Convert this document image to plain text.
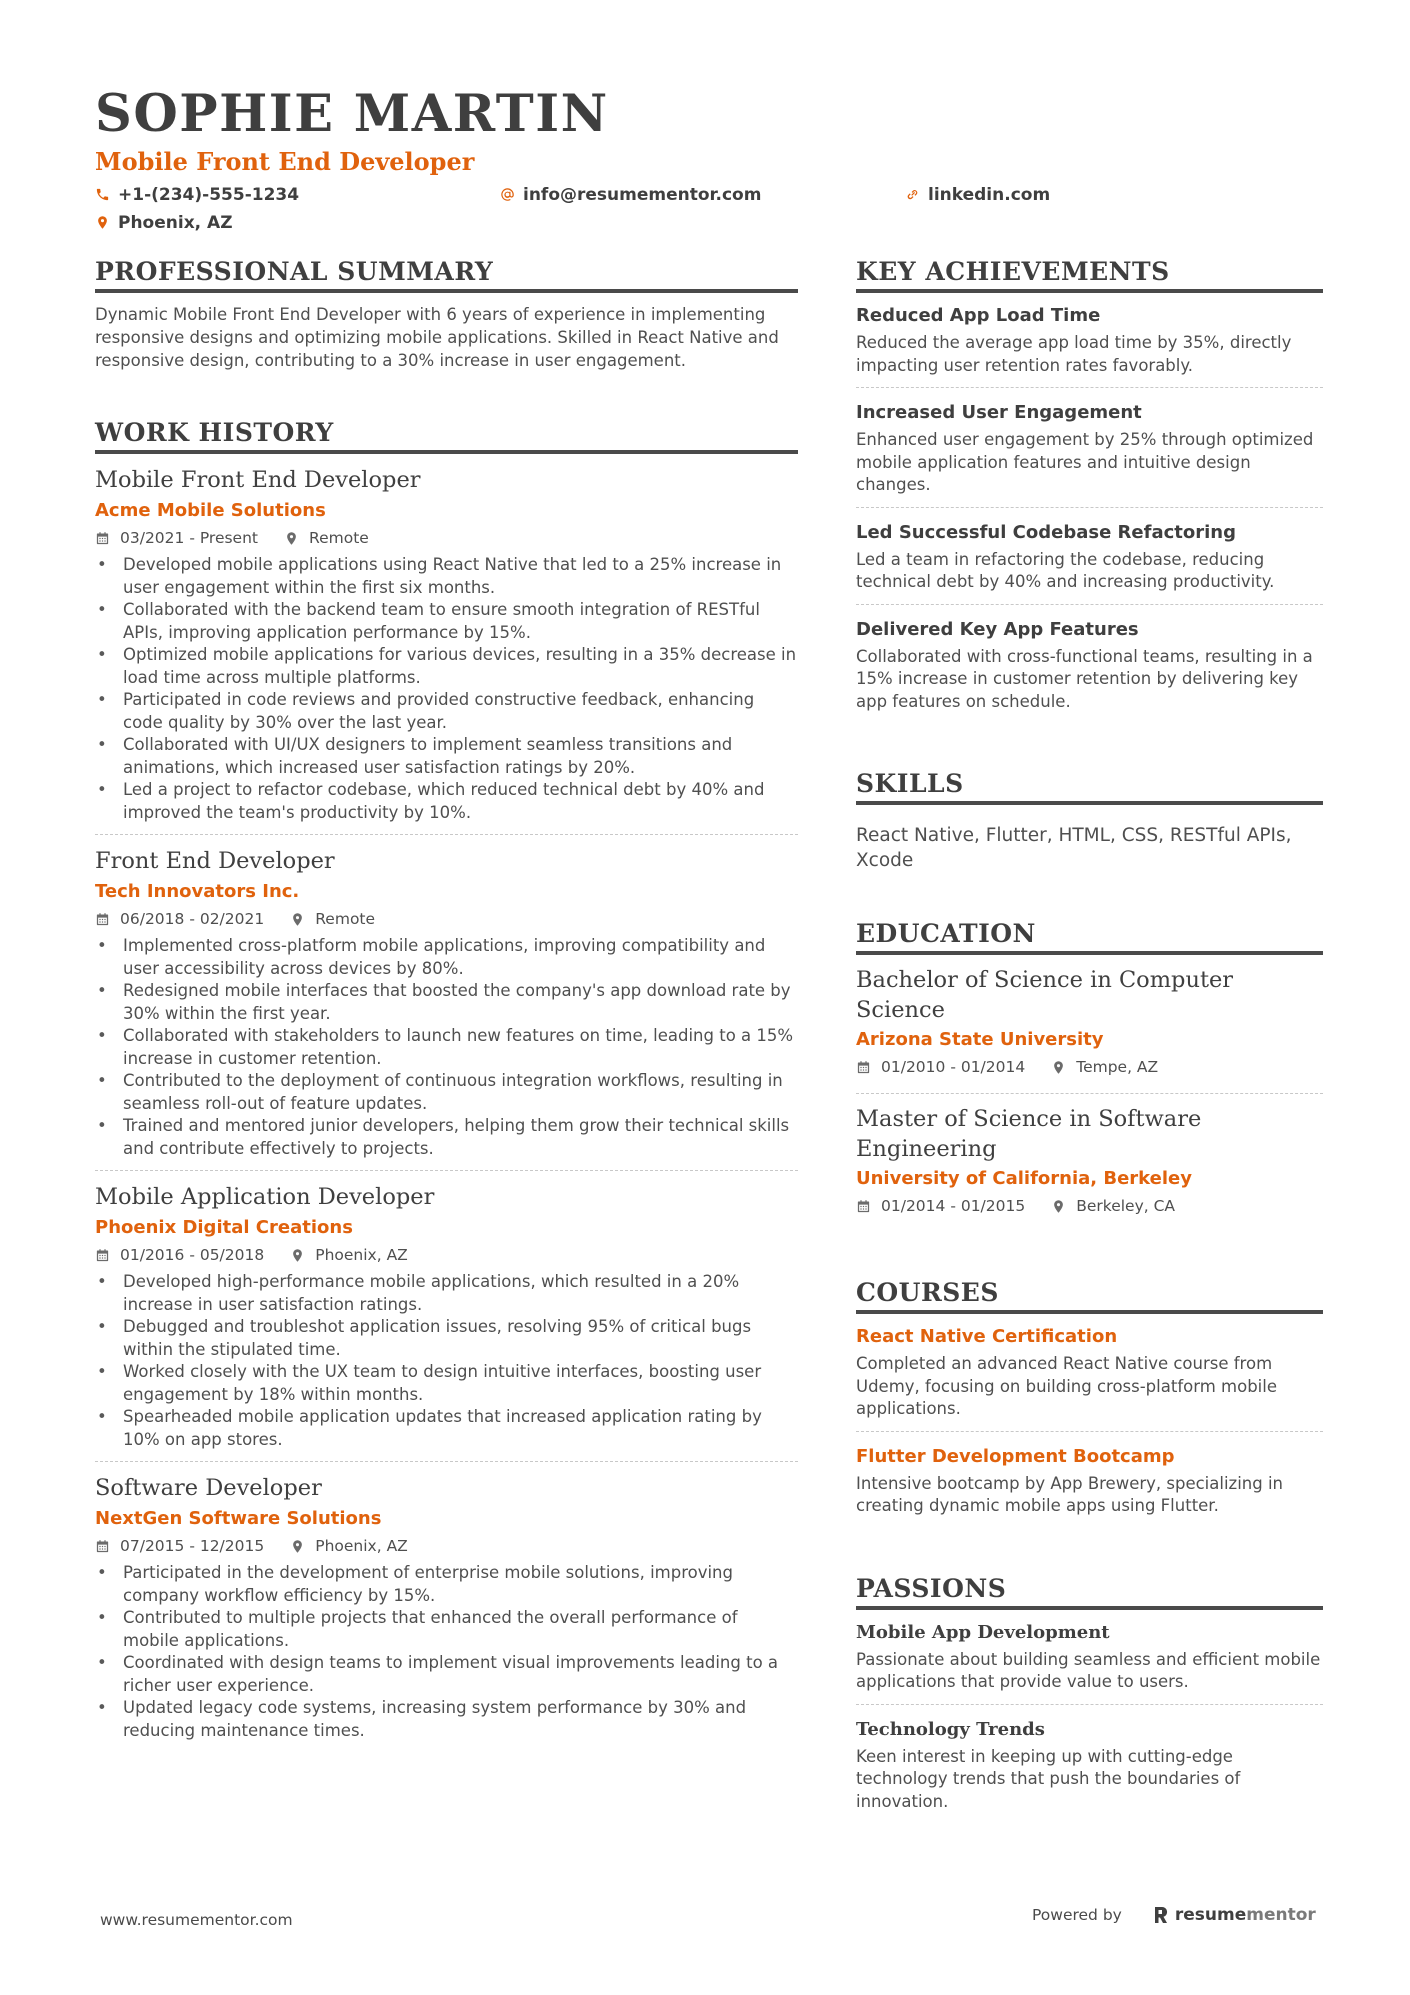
SOPHIE MARTIN
Mobile Front End Developer
+1-(234)-555-1234	info@resumementor.com	linkedin.com
Phoenix, AZ
PROFESSIONAL SUMMARY
Dynamic Mobile Front End Developer with 6 years of experience in implementing responsive designs and optimizing mobile applications. Skilled in React Native and responsive design, contributing to a 30% increase in user engagement.
WORK HISTORY
Mobile Front End Developer
Acme Mobile Solutions
03/2021 - Present	Remote
• Developed mobile applications using React Native that led to a 25% increase in user engagement within the first six months.
• Collaborated with the backend team to ensure smooth integration of RESTful APIs, improving application performance by 15%.
• Optimized mobile applications for various devices, resulting in a 35% decrease in load time across multiple platforms.
• Participated in code reviews and provided constructive feedback, enhancing code quality by 30% over the last year.
• Collaborated with UI/UX designers to implement seamless transitions and animations, which increased user satisfaction ratings by 20%.
• Led a project to refactor codebase, which reduced technical debt by 40% and improved the team's productivity by 10%.
Front End Developer
Tech Innovators Inc.
06/2018 - 02/2021	Remote
• Implemented cross-platform mobile applications, improving compatibility and user accessibility across devices by 80%.
• Redesigned mobile interfaces that boosted the company's app download rate by 30% within the first year.
• Collaborated with stakeholders to launch new features on time, leading to a 15% increase in customer retention.
• Contributed to the deployment of continuous integration workflows, resulting in seamless roll-out of feature updates.
• Trained and mentored junior developers, helping them grow their technical skills and contribute effectively to projects.
Mobile Application Developer
Phoenix Digital Creations
01/2016 - 05/2018	Phoenix, AZ
• Developed high-performance mobile applications, which resulted in a 20% increase in user satisfaction ratings.
• Debugged and troubleshot application issues, resolving 95% of critical bugs within the stipulated time.
• Worked closely with the UX team to design intuitive interfaces, boosting user engagement by 18% within months.
• Spearheaded mobile application updates that increased application rating by 10% on app stores.
Software Developer
NextGen Software Solutions
07/2015 - 12/2015	Phoenix, AZ
• Participated in the development of enterprise mobile solutions, improving company workflow efficiency by 15%.
• Contributed to multiple projects that enhanced the overall performance of mobile applications.
• Coordinated with design teams to implement visual improvements leading to a richer user experience.
• Updated legacy code systems, increasing system performance by 30% and reducing maintenance times.
KEY ACHIEVEMENTS
Reduced App Load Time
Reduced the average app load time by 35%, directly impacting user retention rates favorably.
Increased User Engagement
Enhanced user engagement by 25% through optimized mobile application features and intuitive design changes.
Led Successful Codebase Refactoring
Led a team in refactoring the codebase, reducing technical debt by 40% and increasing productivity.
Delivered Key App Features
Collaborated with cross-functional teams, resulting in a 15% increase in customer retention by delivering key app features on schedule.
SKILLS
React Native, Flutter, HTML, CSS, RESTful APIs, Xcode
EDUCATION
Bachelor of Science in Computer Science
Arizona State University
01/2010 - 01/2014	Tempe, AZ
Master of Science in Software Engineering
University of California, Berkeley
01/2014 - 01/2015	Berkeley, CA
COURSES
React Native Certification
Completed an advanced React Native course from Udemy, focusing on building cross-platform mobile applications.
Flutter Development Bootcamp
Intensive bootcamp by App Brewery, specializing in creating dynamic mobile apps using Flutter.
PASSIONS
Mobile App Development
Passionate about building seamless and efficient mobile applications that provide value to users.
Technology Trends
Keen interest in keeping up with cutting-edge technology trends that push the boundaries of innovation.
www.resumementor.com	Powered by	resume mentor
